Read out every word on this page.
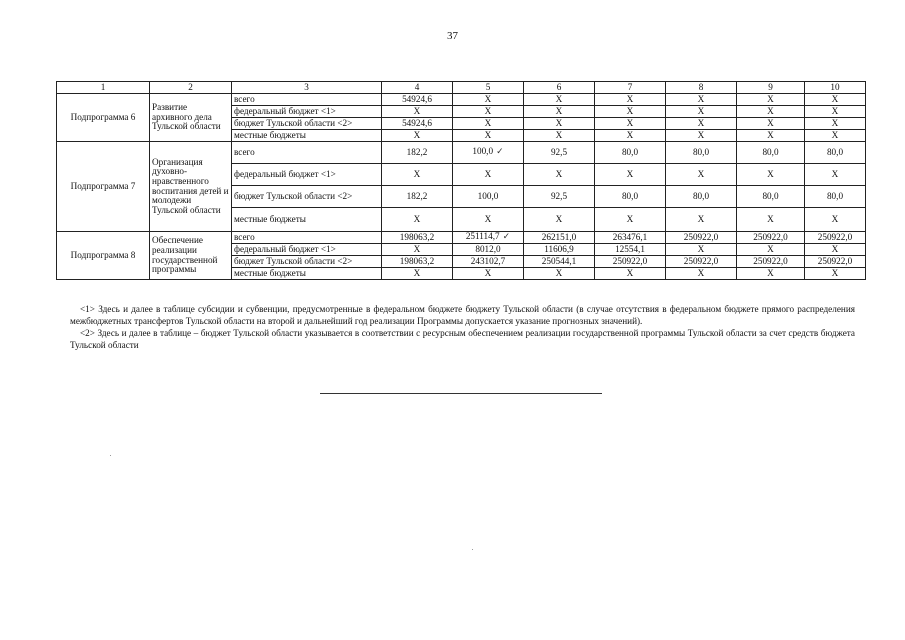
37
1	2	3	4	5	6	7	8	9	10
Подпрограмма 6	Развитие архивного дела Тульской области	всего	54924,6	X	X	X	X	X	X
		федеральный бюджет <1>	X	X	X	X	X	X	X
		бюджет Тульской области <2>	54924,6	X	X	X	X	X	X
		местные бюджеты	X	X	X	X	X	X	X
Подпрограмма 7	Организация духовно-нравственного воспитания детей и молодежи Тульской области	всего	182,2	100,0 ✓	92,5	80,0	80,0	80,0	80,0
		федеральный бюджет <1>	X	X	X	X	X	X	X
		бюджет Тульской области <2>	182,2	100,0	92,5	80,0	80,0	80,0	80,0
		местные бюджеты	X	X	X	X	X	X	X
Подпрограмма 8	Обеспечение реализации государственной программы	всего	198063,2	251114,7 ✓	262151,0	263476,1	250922,0	250922,0	250922,0
		федеральный бюджет <1>	X	8012,0	11606,9	12554,1	X	X	X
		бюджет Тульской области <2>	198063,2	243102,7	250544,1	250922,0	250922,0	250922,0	250922,0
		местные бюджеты	X	X	X	X	X	X	X

<1> Здесь и далее в таблице субсидии и субвенции, предусмотренные в федеральном бюджете бюджету Тульской области (в случае отсутствия в федеральном бюджете прямого распределения межбюджетных трансфертов Тульской области на второй и дальнейший год реализации Программы допускается указание прогнозных значений).

<2> Здесь и далее в таблице – бюджет Тульской области указывается в соответствии с ресурсным обеспечением реализации государственной программы Тульской области за счет средств бюджета Тульской области
